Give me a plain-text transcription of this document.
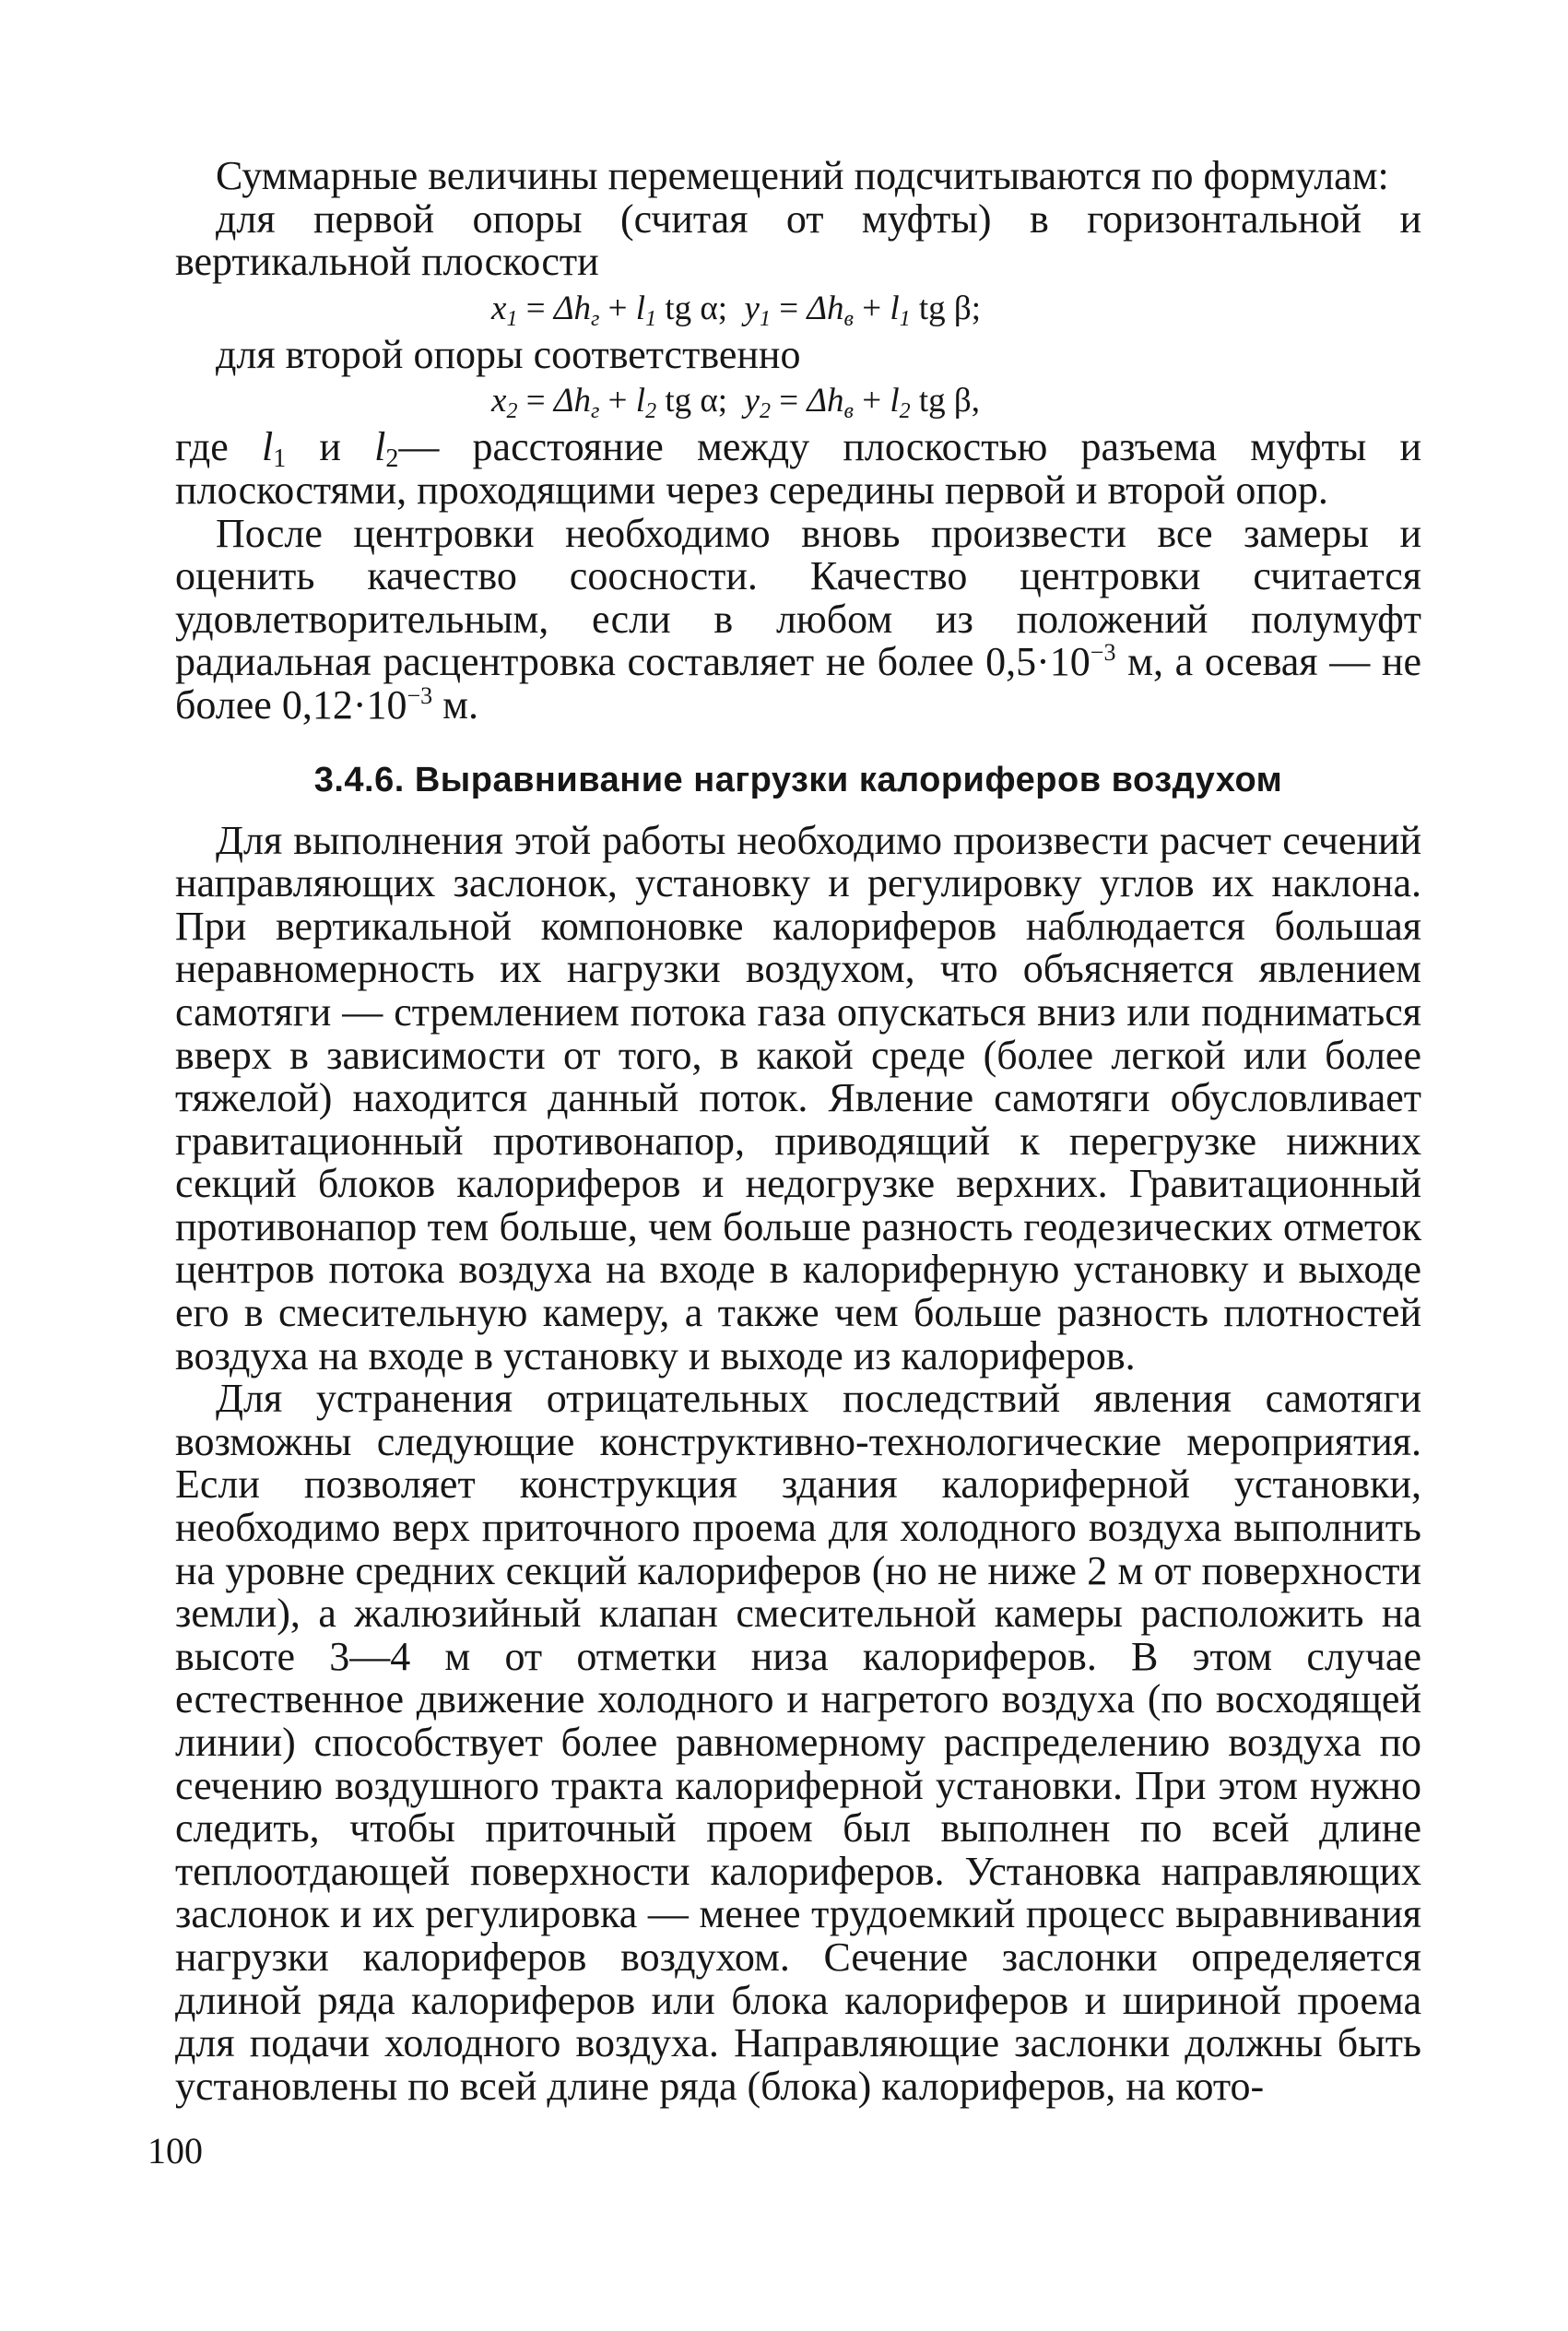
Суммарные величины перемещений подсчитываются по формулам:

для первой опоры (считая от муфты) в горизонтальной и вертикальной плоскости

$x_1 = \Delta h_г + l_1$ tg α; $y_1 = \Delta h_в + l_1$ tg β;

для второй опоры соответственно

$x_2 = \Delta h_г + l_2$ tg α; $y_2 = \Delta h_в + l_2$ tg β,

где $l_1$ и $l_2—$ расстояние между плоскостью разъема муфты и плоскостями, проходящими через середины первой и второй опор.

После центровки необходимо вновь произвести все замеры и оценить качество соосности. Качество центровки считается удовлетворительным, если в любом из положений полумуфт радиальная расцентровка составляет не более $0,5\cdot 10^{-3}$ м, а осевая — не более $0,12\cdot 10^{-3}$ м.

3.4.6. Выравнивание нагрузки калориферов воздухом

Для выполнения этой работы необходимо произвести расчет сечений направляющих заслонок, установку и регулировку углов их наклона. При вертикальной компоновке калориферов наблюдается большая неравномерность их нагрузки воздухом, что объясняется явлением самотяги — стремлением потока газа опускаться вниз или подниматься вверх в зависимости от того, в какой среде (более легкой или более тяжелой) находится данный поток. Явление самотяги обусловливает гравитационный противонапор, приводящий к перегрузке нижних секций блоков калориферов и недогрузке верхних. Гравитационный противонапор тем больше, чем больше разность геодезических отметок центров потока воздуха на входе в калориферную установку и выходе его в смесительную камеру, а также чем больше разность плотностей воздуха на входе в установку и выходе из калориферов.

Для устранения отрицательных последствий явления самотяги возможны следующие конструктивно-технологические мероприятия. Если позволяет конструкция здания калориферной установки, необходимо верх приточного проема для холодного воздуха выполнить на уровне средних секций калориферов (но не ниже 2 м от поверхности земли), а жалюзийный клапан смесительной камеры расположить на высоте 3—4 м от отметки низа калориферов. В этом случае естественное движение холодного и нагретого воздуха (по восходящей линии) способствует более равномерному распределению воздуха по сечению воздушного тракта калориферной установки. При этом нужно следить, чтобы приточный проем был выполнен по всей длине теплоотдающей поверхности калориферов. Установка направляющих заслонок и их регулировка — менее трудоемкий процесс выравнивания нагрузки калориферов воздухом. Сечение заслонки определяется длиной ряда калориферов или блока калориферов и шириной проема для подачи холодного воздуха. Направляющие заслонки должны быть установлены по всей длине ряда (блока) калориферов, на кото-

100
